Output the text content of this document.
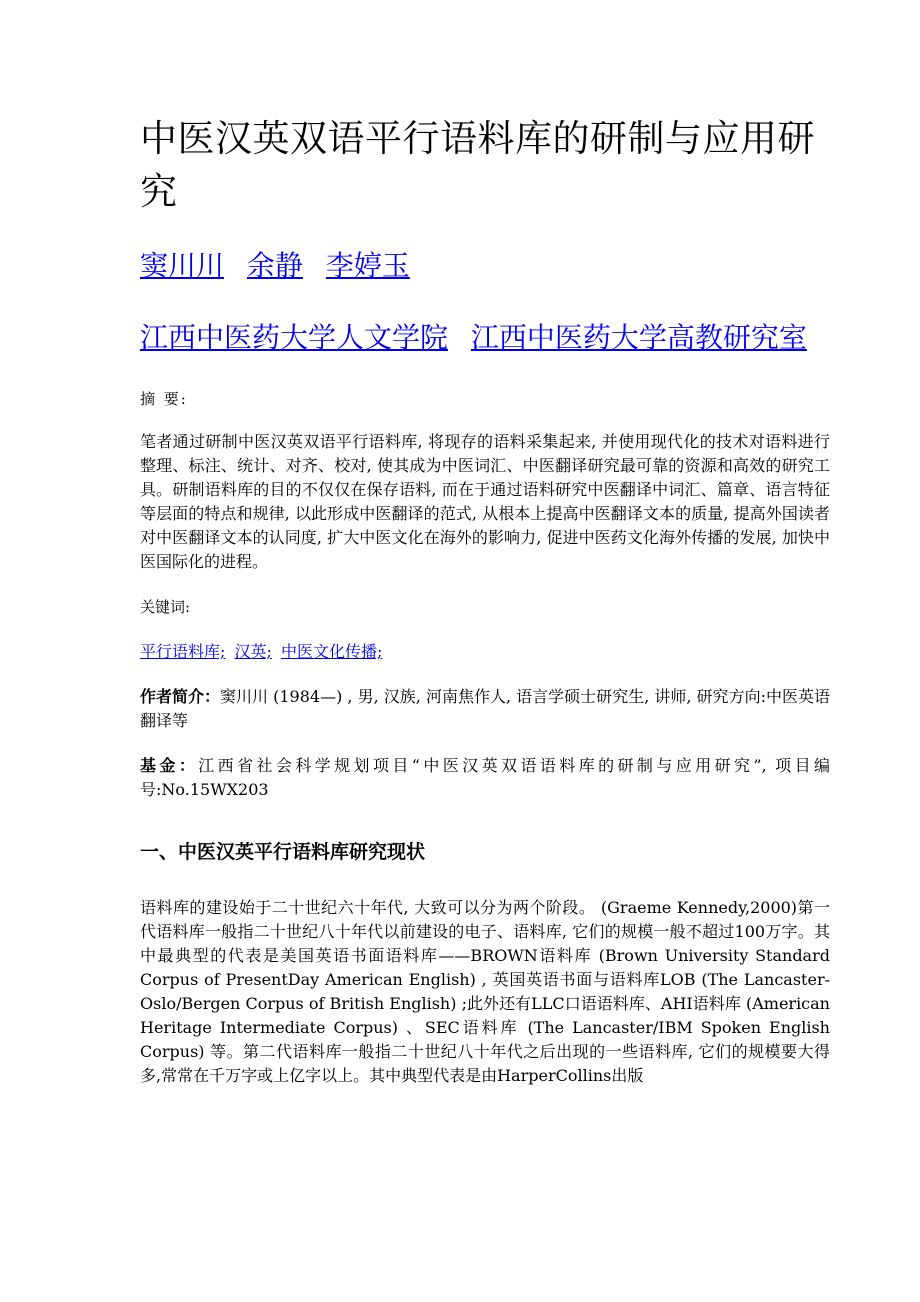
中医汉英双语平行语料库的研制与应用研究
窦川川 余静 李婷玉
江西中医药大学人文学院 江西中医药大学高教研究室
摘 要:
笔者通过研制中医汉英双语平行语料库, 将现存的语料采集起来, 并使用现代化的技术对语料进行整理、标注、统计、对齐、校对, 使其成为中医词汇、中医翻译研究最可靠的资源和高效的研究工具。研制语料库的目的不仅仅在保存语料, 而在于通过语料研究中医翻译中词汇、篇章、语言特征等层面的特点和规律, 以此形成中医翻译的范式, 从根本上提高中医翻译文本的质量, 提高外国读者对中医翻译文本的认同度, 扩大中医文化在海外的影响力, 促进中医药文化海外传播的发展, 加快中医国际化的进程。
关键词:
平行语料库; 汉英; 中医文化传播;
作者简介：窦川川 (1984—) , 男, 汉族, 河南焦作人, 语言学硕士研究生, 讲师, 研究方向:中医英语翻译等
基金：江西省社会科学规划项目“中医汉英双语语料库的研制与应用研究”, 项目编号:No.15WX203
一、中医汉英平行语料库研究现状
语料库的建设始于二十世纪六十年代, 大致可以分为两个阶段。 (Graeme Kennedy,2000)第一代语料库一般指二十世纪八十年代以前建设的电子、语料库, 它们的规模一般不超过100万字。其中最典型的代表是美国英语书面语料库——BROWN语料库 (Brown University Standard Corpus of PresentDay American English) , 英国英语书面与语料库LOB (The Lancaster-Oslo/Bergen Corpus of British English) ;此外还有LLC口语语料库、AHI语料库 (American Heritage Intermediate Corpus) 、SEC语料库 (The Lancaster/IBM Spoken English Corpus) 等。第二代语料库一般指二十世纪八十年代之后出现的一些语料库, 它们的规模要大得多,常常在千万字或上亿字以上。其中典型代表是由HarperCollins出版
